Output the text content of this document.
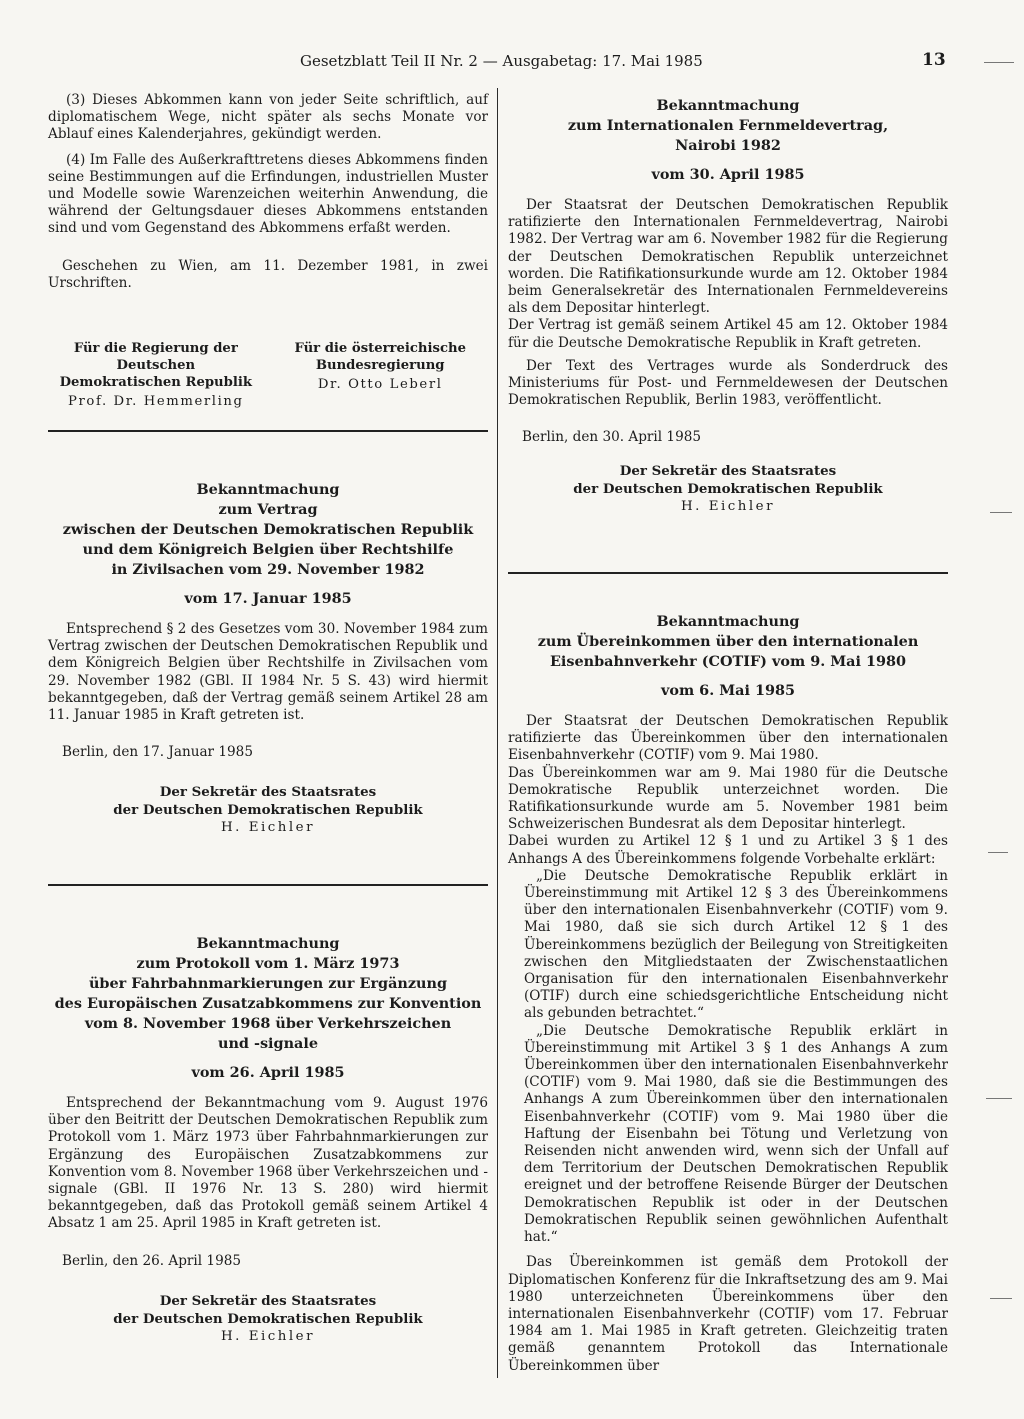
Gesetzblatt Teil II Nr. 2 — Ausgabetag: 17. Mai 1985	13

(3) Dieses Abkommen kann von jeder Seite schriftlich, auf diplomatischem Wege, nicht später als sechs Monate vor Ablauf eines Kalenderjahres, gekündigt werden.

(4) Im Falle des Außerkrafttretens dieses Abkommens finden seine Bestimmungen auf die Erfindungen, industriellen Muster und Modelle sowie Warenzeichen weiterhin Anwendung, die während der Geltungsdauer dieses Abkommens entstanden sind und vom Gegenstand des Abkommens erfaßt werden.

Geschehen zu Wien, am 11. Dezember 1981, in zwei Urschriften.

Für die Regierung der Deutschen
Demokratischen Republik
Prof. Dr. Hemmerling
Für die österreichische
Bundesregierung
Dr. Otto Leberl
Bekanntmachung
zum Vertrag
zwischen der Deutschen Demokratischen Republik
und dem Königreich Belgien über Rechtshilfe
in Zivilsachen vom 29. November 1982
vom 17. Januar 1985

Entsprechend § 2 des Gesetzes vom 30. November 1984 zum Vertrag zwischen der Deutschen Demokratischen Republik und dem Königreich Belgien über Rechtshilfe in Zivilsachen vom 29. November 1982 (GBl. II 1984 Nr. 5 S. 43) wird hiermit bekanntgegeben, daß der Vertrag gemäß seinem Artikel 28 am 11. Januar 1985 in Kraft getreten ist.

Berlin, den 17. Januar 1985
Der Sekretär des Staatsrates
der Deutschen Demokratischen Republik
H. Eichler
Bekanntmachung
zum Protokoll vom 1. März 1973
über Fahrbahnmarkierungen zur Ergänzung
des Europäischen Zusatzabkommens zur Konvention
vom 8. November 1968 über Verkehrszeichen
und -signale
vom 26. April 1985

Entsprechend der Bekanntmachung vom 9. August 1976 über den Beitritt der Deutschen Demokratischen Republik zum Protokoll vom 1. März 1973 über Fahrbahnmarkierungen zur Ergänzung des Europäischen Zusatzabkommens zur Konvention vom 8. November 1968 über Verkehrszeichen und -signale (GBl. II 1976 Nr. 13 S. 280) wird hiermit bekanntgegeben, daß das Protokoll gemäß seinem Artikel 4 Absatz 1 am 25. April 1985 in Kraft getreten ist.

Berlin, den 26. April 1985
Der Sekretär des Staatsrates
der Deutschen Demokratischen Republik
H. Eichler
Bekanntmachung
zum Internationalen Fernmeldevertrag,
Nairobi 1982
vom 30. April 1985

Der Staatsrat der Deutschen Demokratischen Republik ratifizierte den Internationalen Fernmeldevertrag, Nairobi 1982. Der Vertrag war am 6. November 1982 für die Regierung der Deutschen Demokratischen Republik unterzeichnet worden. Die Ratifikationsurkunde wurde am 12. Oktober 1984 beim Generalsekretär des Internationalen Fernmeldevereins als dem Depositar hinterlegt.

Der Vertrag ist gemäß seinem Artikel 45 am 12. Oktober 1984 für die Deutsche Demokratische Republik in Kraft getreten.

Der Text des Vertrages wurde als Sonderdruck des Ministeriums für Post- und Fernmeldewesen der Deutschen Demokratischen Republik, Berlin 1983, veröffentlicht.

Berlin, den 30. April 1985
Der Sekretär des Staatsrates
der Deutschen Demokratischen Republik
H. Eichler
Bekanntmachung
zum Übereinkommen über den internationalen
Eisenbahnverkehr (COTIF) vom 9. Mai 1980
vom 6. Mai 1985

Der Staatsrat der Deutschen Demokratischen Republik ratifizierte das Übereinkommen über den internationalen Eisenbahnverkehr (COTIF) vom 9. Mai 1980.

Das Übereinkommen war am 9. Mai 1980 für die Deutsche Demokratische Republik unterzeichnet worden. Die Ratifikationsurkunde wurde am 5. November 1981 beim Schweizerischen Bundesrat als dem Depositar hinterlegt.

Dabei wurden zu Artikel 12 § 1 und zu Artikel 3 § 1 des Anhangs A des Übereinkommens folgende Vorbehalte erklärt:

„Die Deutsche Demokratische Republik erklärt in Übereinstimmung mit Artikel 12 § 3 des Übereinkommens über den internationalen Eisenbahnverkehr (COTIF) vom 9. Mai 1980, daß sie sich durch Artikel 12 § 1 des Übereinkommens bezüglich der Beilegung von Streitigkeiten zwischen den Mitgliedstaaten der Zwischenstaatlichen Organisation für den internationalen Eisenbahnverkehr (OTIF) durch eine schiedsgerichtliche Entscheidung nicht als gebunden betrachtet.“

„Die Deutsche Demokratische Republik erklärt in Übereinstimmung mit Artikel 3 § 1 des Anhangs A zum Übereinkommen über den internationalen Eisenbahnverkehr (COTIF) vom 9. Mai 1980, daß sie die Bestimmungen des Anhangs A zum Übereinkommen über den internationalen Eisenbahnverkehr (COTIF) vom 9. Mai 1980 über die Haftung der Eisenbahn bei Tötung und Verletzung von Reisenden nicht anwenden wird, wenn sich der Unfall auf dem Territorium der Deutschen Demokratischen Republik ereignet und der betroffene Reisende Bürger der Deutschen Demokratischen Republik ist oder in der Deutschen Demokratischen Republik seinen gewöhnlichen Aufenthalt hat.“

Das Übereinkommen ist gemäß dem Protokoll der Diplomatischen Konferenz für die Inkraftsetzung des am 9. Mai 1980 unterzeichneten Übereinkommens über den internationalen Eisenbahnverkehr (COTIF) vom 17. Februar 1984 am 1. Mai 1985 in Kraft getreten. Gleichzeitig traten gemäß genanntem Protokoll das Internationale Übereinkommen über
